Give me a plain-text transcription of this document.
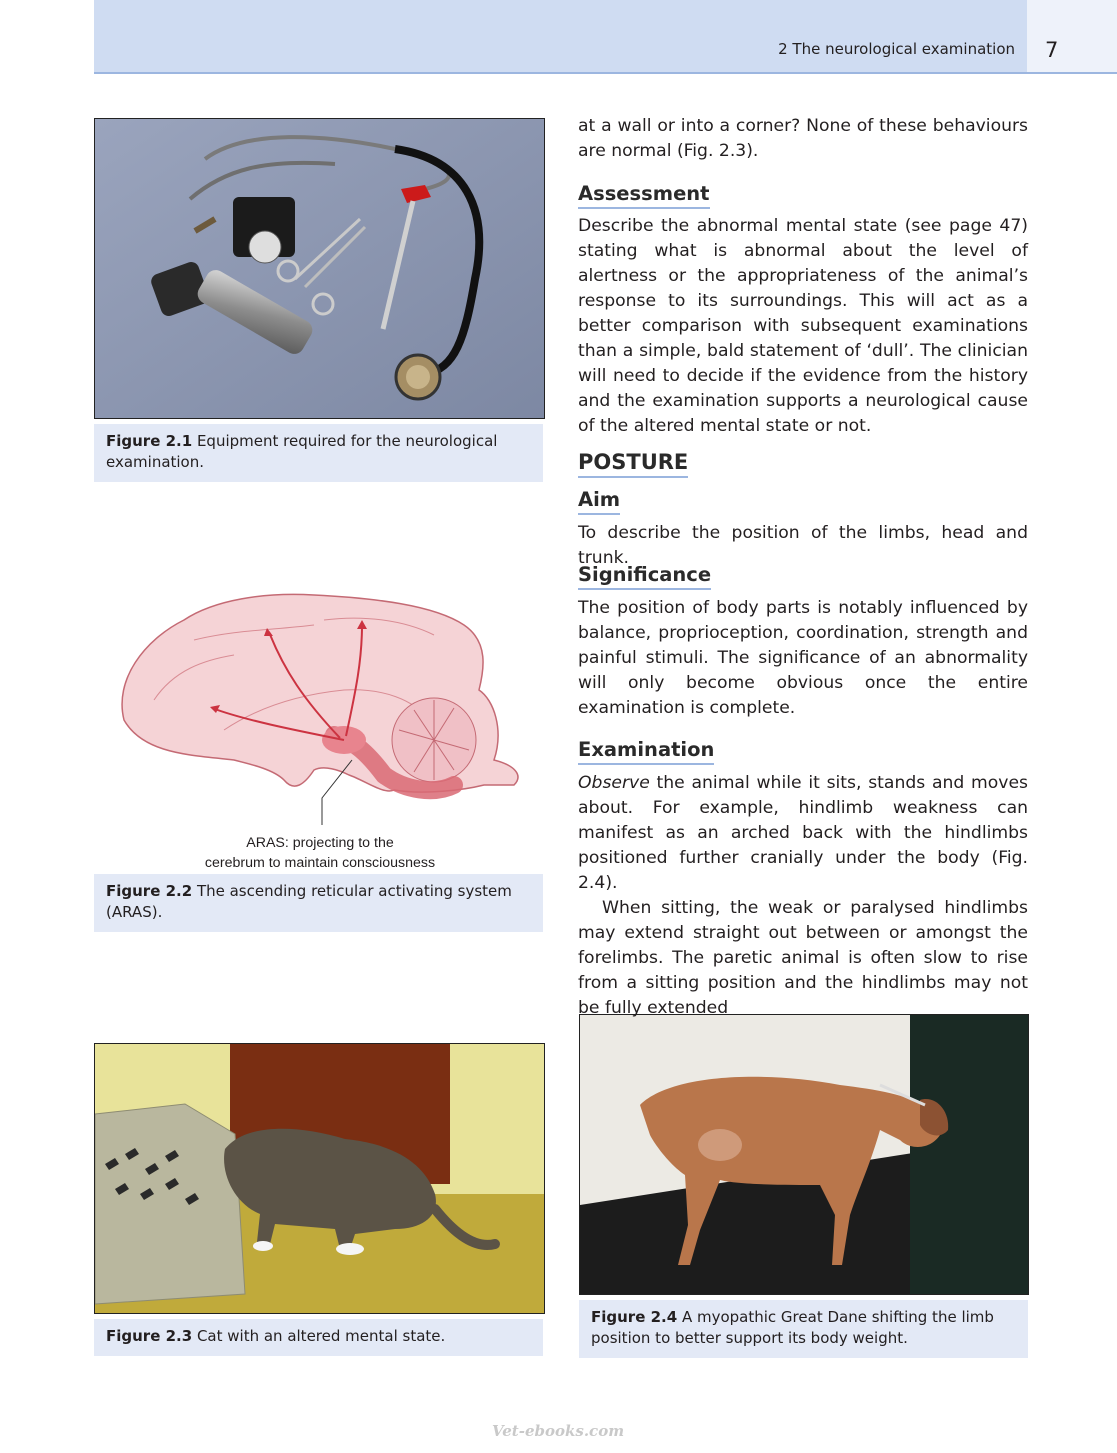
2 The neurological examination 7
Figure 2.1 Equipment required for the neurological examination.
ARAS: projecting to the
cerebrum to maintain consciousness
Figure 2.2 The ascending reticular activating system (ARAS).
Figure 2.3 Cat with an altered mental state.
Figure 2.4 A myopathic Great Dane shifting the limb position to better support its body weight.

at a wall or into a corner? None of these behaviours are normal (Fig. 2.3).

Assessment

Describe the abnormal mental state (see page 47) stating what is abnormal about the level of alertness or the appropriateness of the animal’s response to its surroundings. This will act as a better comparison with subsequent examinations than a simple, bald statement of ‘dull’. The clinician will need to decide if the evidence from the history and the examination supports a neurological cause of the altered mental state or not.

POSTURE
Aim

To describe the position of the limbs, head and trunk.

Significance

The position of body parts is notably influenced by balance, proprioception, coordination, strength and painful stimuli. The significance of an abnormality will only become obvious once the entire examination is complete.

Examination

Observe the animal while it sits, stands and moves about. For example, hindlimb weakness can manifest as an arched back with the hindlimbs positioned further cranially under the body (Fig. 2.4).

When sitting, the weak or paralysed hindlimbs may extend straight out between or amongst the forelimbs. The paretic animal is often slow to rise from a sitting position and the hindlimbs may not be fully extended

Vet-ebooks.com
